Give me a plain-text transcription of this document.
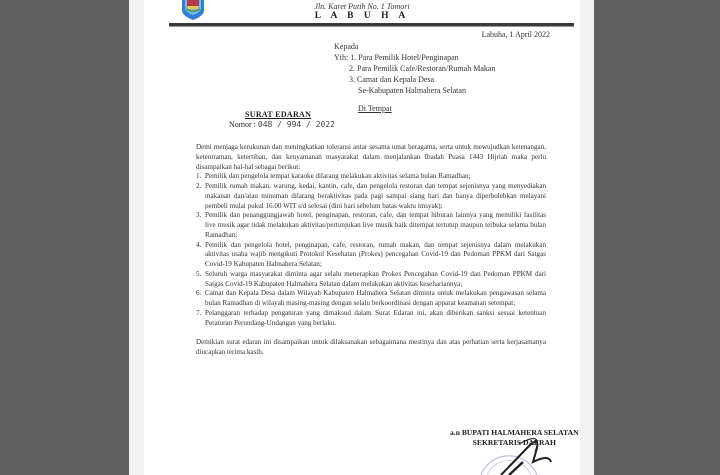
Jln. Karet Putih No. 1 Tomori
L A B U H A
Labuha, 1 April 2022
Kepada
Yth: 1. Para Pemilik Hotel/Penginapan
2. Para Pemilik Cafe/Restoran/Rumah Makan
3. Camat dan Kepala Desa
Se-Kabupaten Halmahera Selatan
Di Tempat
SURAT EDARAN
Nomor : 048 / 994 / 2022

Demi menjaga kerukunan dan meningkatkan toleransi antar sesama umat beragama, serta untuk mewujudkan ketenangan, ketentraman, ketertiban, dan kenyamanan masyarakat dalam menjalankan Ibadah Puasa 1443 Hijriah maka perlu disampaikan hal-hal sebagai berikut:

1. Pemilik dan pengelola tempat karaoke dilarang melakukan aktivitas selama bulan Ramadhan;
2. Pemilik rumah makan, warung, kedai, kantin, cafe, dan pengelola restoran dan tempat sejenisnya yang menyediakan makanan dan/atau minuman dilarang beraktivitas pada pagi sampai siang hari dan hanya diperbolehkan melayani pembeli mulai pukul 16.00 WIT s/d selesai (dini hari sebelum batas waktu imsyak);
3. Pemilik dan penanggungjawab hotel, penginapan, restoran, cafe, dan tempat hiburan lainnya yang memiliki fasilitas live musik agar tidak melakukan aktivitas/pertunjukan live musik baik ditempat tertutup maupun terbuka selama bulan Ramadhan;
4. Pemilik dan pengelola hotel, penginapan, cafe, restoran, rumah makan, dan tempat sejenisnya dalam melakukan aktivitas usaha wajib mengikuti Protokol Kesehatan (Prokes) pencegahan Covid-19 dan Pedoman PPKM dari Satgas Covid-19 Kabupaten Halmahera Selatan;
5. Seluruh warga masyarakat diminta agar selalu menerapkan Prokes Pencegahan Covid-19 dan Pedoman PPKM dari Satgas Covid-19 Kabupaten Halmahera Selatan dalam melakukan aktivitas kesehariannya;
6. Camat dan Kepala Desa dalam Wilayah Kabupaten Halmahera Selatan diminta untuk melakukan pengawasan selama bulan Ramadhan di wilayah masing-masing dengan selalu berkoordinasi dengan apparat keamanan setempat;
7. Pelanggaran terhadap pengaturan yang dimaksud dalam Surat Edaran ini, akan diberikan sanksi sesuai ketentuan Peraturan Perundang-Undangan yang berlaku.

Demikian surat edaran ini disampaikan untuk dilaksanakan sebagaimana mestinya dan atas perhatian serta kerjasamanya diucapkan terima kasih.

a.n BUPATI HALMAHERA SELATAN
SEKRETARIS DAERAH
